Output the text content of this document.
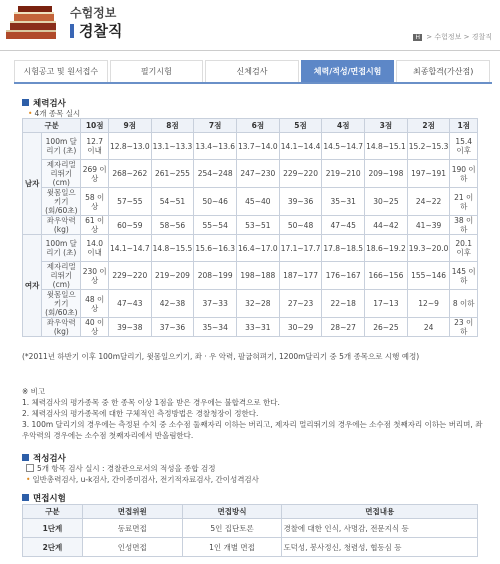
수험정보
경찰직	H > 수험정보 > 경찰직
시험공고 및 원서접수	필기시험	신체검사	체력/적성/면접시험	최종합격(가산점)
체력검사
• 4개 종목 실시
구분		10점	9점	8점	7점	6점	5점	4점	3점	2점	1점
남자	100m 달리기 (초)	12.7 이내	12.8~13.0	13.1~13.3	13.4~13.6	13.7~14.0	14.1~14.4	14.5~14.7	14.8~15.1	15.2~15.3	15.4 이후
	제자리멀리뛰기 (cm)	269 이상	268~262	261~255	254~248	247~230	229~220	219~210	209~198	197~191	190 이하
	윗몸일으키기 (회/60초)	58 이상	57~55	54~51	50~46	45~40	39~36	35~31	30~25	24~22	21 이하
	좌우악력(kg)	61 이상	60~59	58~56	55~54	53~51	50~48	47~45	44~42	41~39	38 이하
여자	100m 달리기 (초)	14.0 이내	14.1~14.7	14.8~15.5	15.6~16.3	16.4~17.0	17.1~17.7	17.8~18.5	18.6~19.2	19.3~20.0	20.1 이후
	제자리멀리뛰기 (cm)	230 이상	229~220	219~209	208~199	198~188	187~177	176~167	166~156	155~146	145 이하
	윗몸일으키기 (회/60초)	48 이상	47~43	42~38	37~33	32~28	27~23	22~18	17~13	12~9	8 이하
	좌우악력(kg)	40 이상	39~38	37~36	35~34	33~31	30~29	28~27	26~25	24	23 이하
(*2011년 하반기 이후 100m달리기, 윗몸일으키기, 좌 · 우 악력, 팔굽혀펴기, 1200m달리기 중 5개 종목으로 시행 예정)
※ 비고
1. 체력검사의 평가종목 중 한 종목 이상 1점을 받은 경우에는 불합격으로 한다.
2. 체력검사의 평가종목에 대한 구체적인 측정방법은 경찰청장이 정한다.
3. 100m 달리기의 경우에는 측정된 수치 중 소수점 둘째자리 이하는 버리고, 제자리 멀리뛰기의 경우에는 소수점 첫째자리 이하는 버리며, 좌우악력의 경우에는 소수점 첫째자리에서 반올림한다.
적성검사
5개 항목 검사 실시 : 경찰관으로서의 적성을 종합 검정
• 일반총력검사, u-k검사, 간이종미검사, 전기적자료검사, 간이성격검사
면접시험
구분	면접위원	면접방식	면접내용
1단계	동료면접	5인 집단토론	경찰에 대한 인식, 사명감, 전문지식 등
2단계	인성면접	1인 개별 면접	도덕성, 봉사정신, 청렴성, 협동심 등
